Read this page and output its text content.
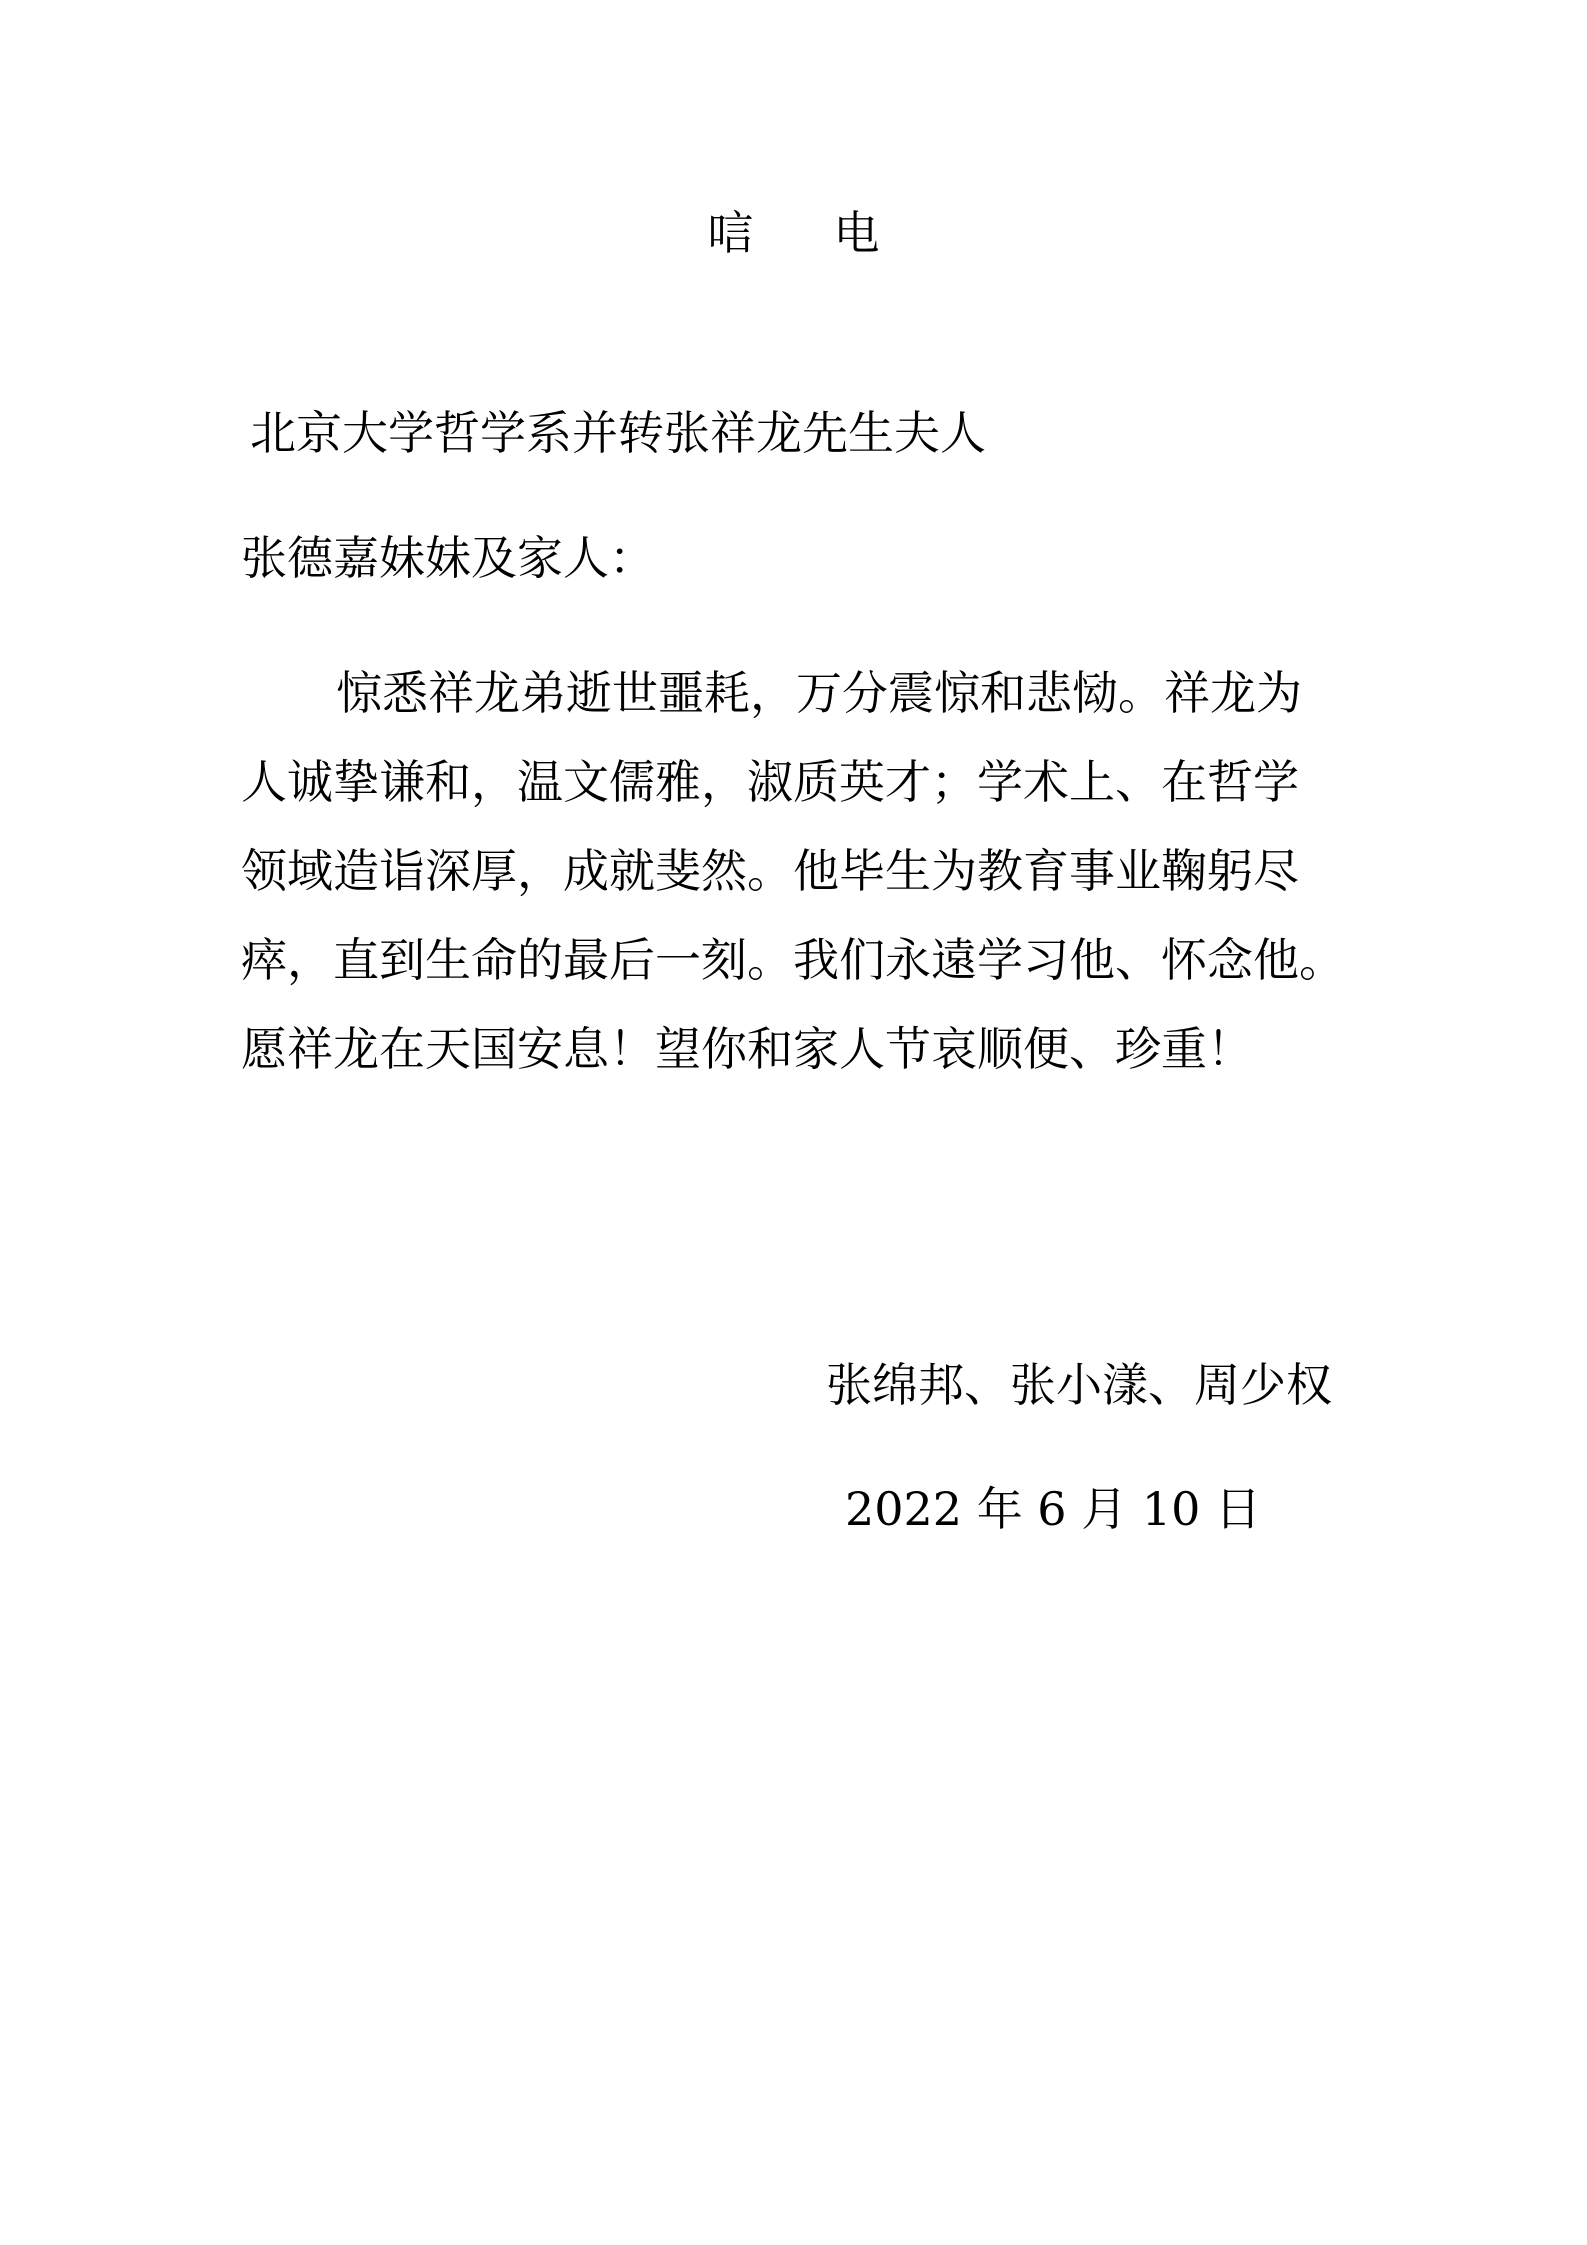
唁电
北京大学哲学系并转张祥龙先生夫人
张德嘉妹妹及家人：
惊悉祥龙弟逝世噩耗，万分震惊和悲恸。祥龙为
人诚挚谦和，温文儒雅，淑质英才；学术上、在哲学
领域造诣深厚，成就斐然。他毕生为教育事业鞠躬尽
瘁，直到生命的最后一刻。我们永遠学习他、怀念他。
愿祥龙在天国安息！望你和家人节哀顺便、珍重！
张绵邦、张小漾、周少权
2022 年 6 月 10 日
